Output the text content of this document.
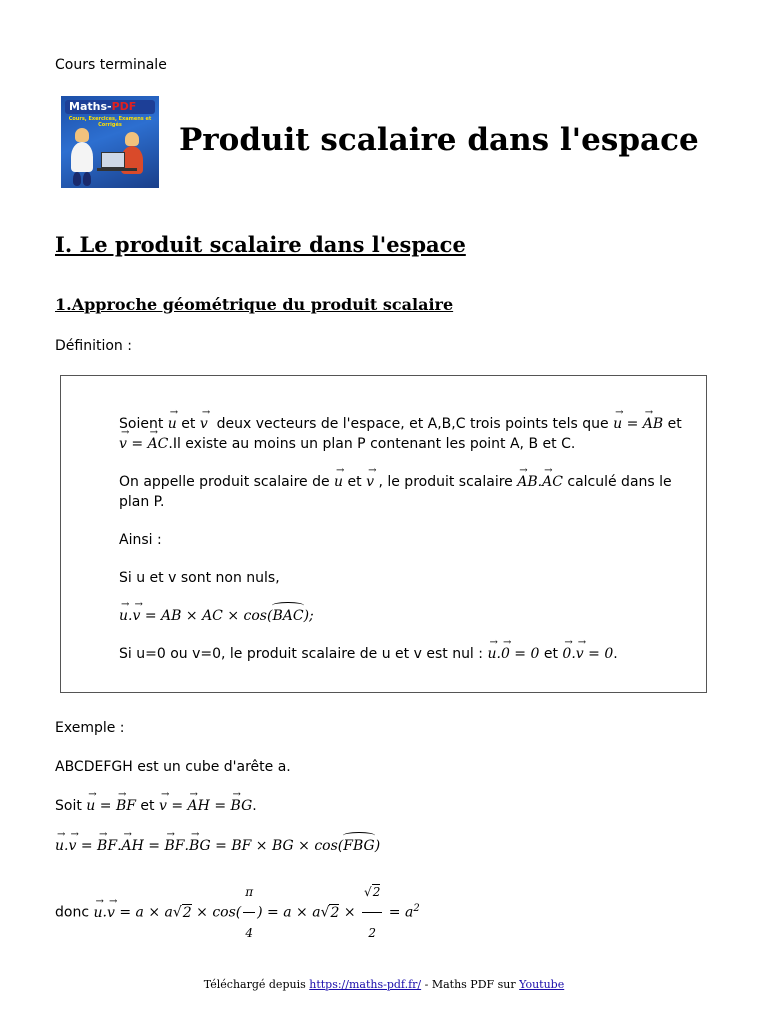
Cours terminale
Maths-PDF
Cours, Exercices, Examens et Corrigés	Produit scalaire dans l'espace
I. Le produit scalaire dans l'espace
1.Approche géométrique du produit scalaire
Définition :

Soient u → et v →  deux vecteurs de l'espace, et A,B,C trois points tels que u → = AB → et
v → = AC →.Il existe au moins un plan P contenant les point A, B et C.

On appelle produit scalaire de u → et v → , le produit scalaire AB →.AC → calculé dans le
plan P.

Ainsi :

Si u et v sont non nuls,

u →.v → = AB × AC × cos(BAC);

Si u=0 ou v=0, le produit scalaire de u et v est nul : u →.0 → = 0 et 0 →.v → = 0.

Exemple :
ABCDEFGH est un cube d'arête a.
Soit u → = BF → et v → = AH → = BG →.
u →.v → = BF →.AH → = BF →.BG → = BF × BG × cos(FBG)
donc u →.v → = $a \times a√2 \times \cos( \frac{\pi}{4}$ ) = $a \times a√2 \times \frac{√2}{2} = a^2$
Téléchargé depuis https://maths-pdf.fr/ - Maths PDF sur Youtube
